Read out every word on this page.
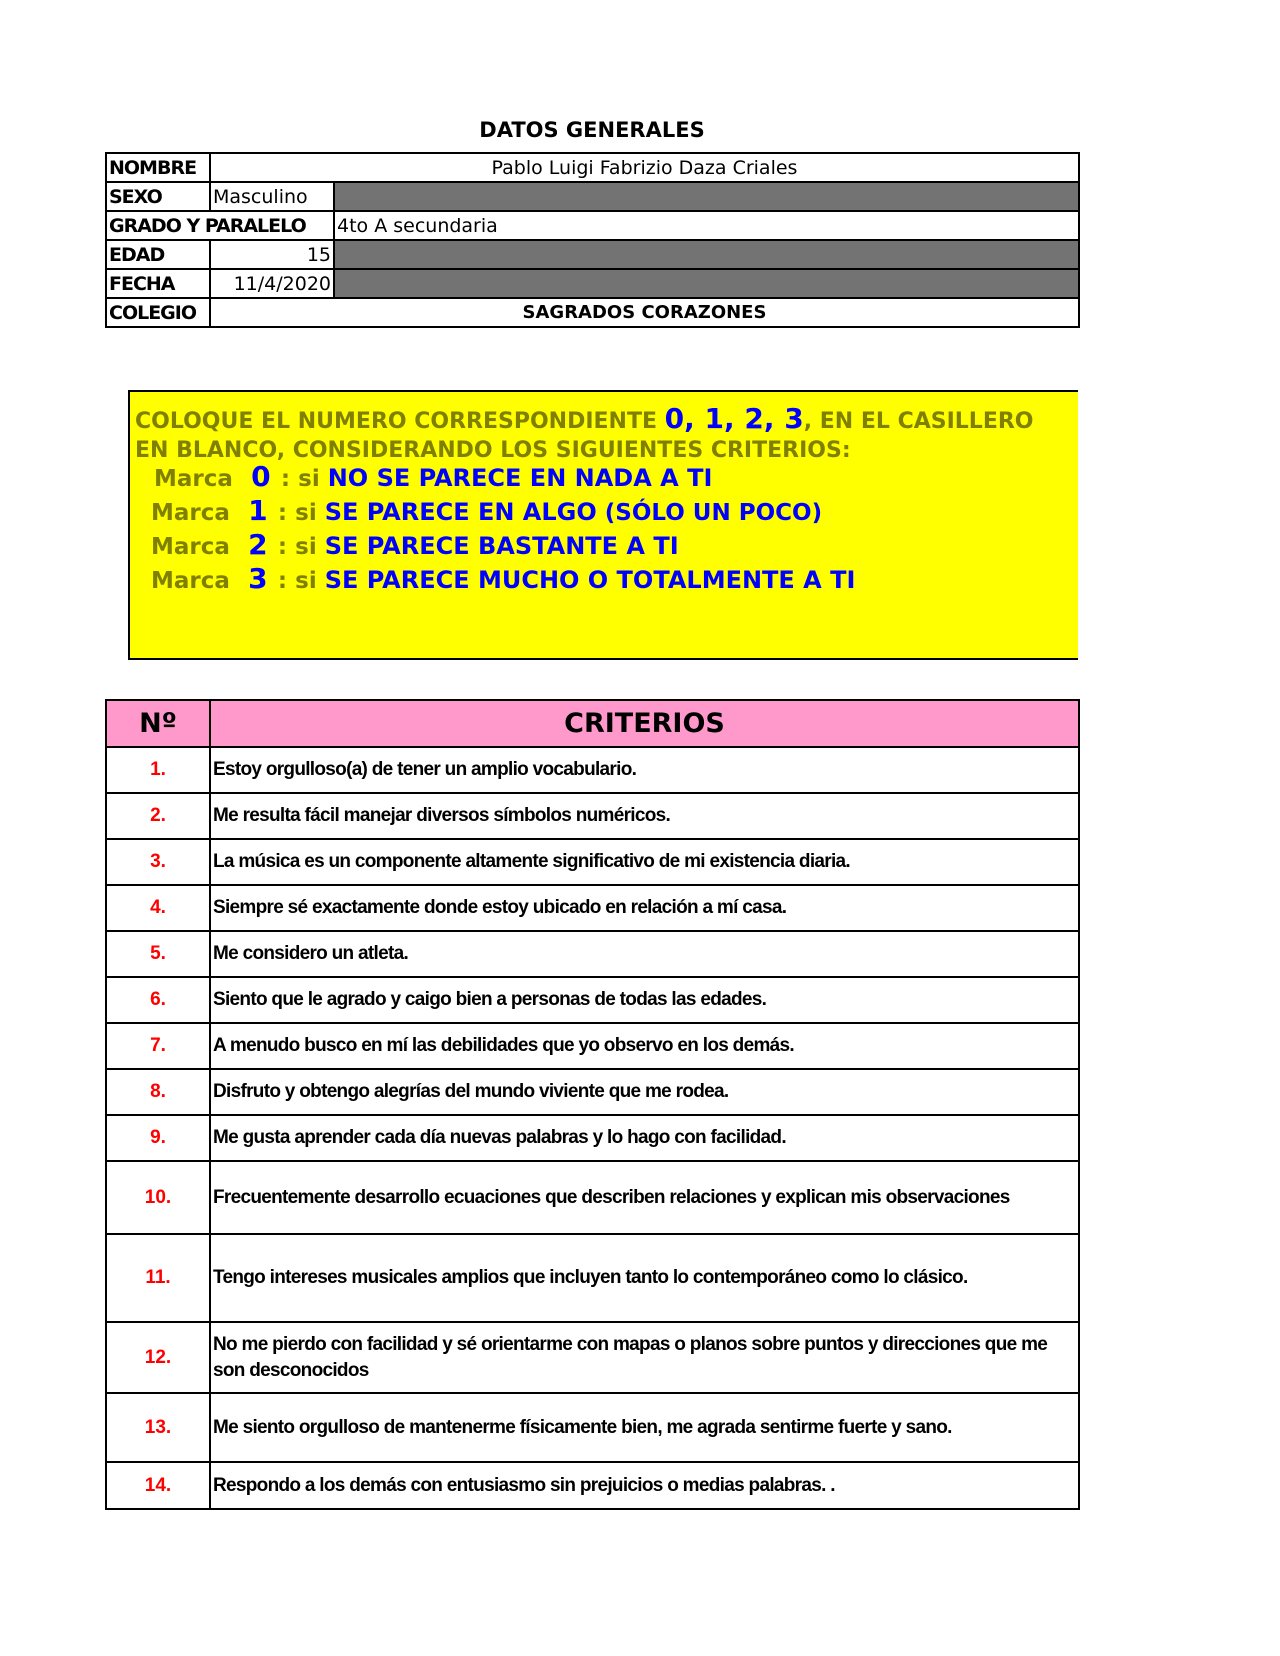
DATOS GENERALES
NOMBRE	Pablo Luigi Fabrizio Daza Criales	
SEXO	Masculino	
GRADO Y PARALELO		4to A secundaria
EDAD	15	
FECHA	11/4/2020	
COLEGIO	SAGRADOS CORAZONES	
COLOQUE EL NUMERO CORRESPONDIENTE 0, 1, 2, 3, EN EL CASILLERO
EN BLANCO, CONSIDERANDO LOS SIGUIENTES CRITERIOS:
Marca 0 : si NO SE PARECE EN NADA A TI
Marca 1 : si SE PARECE EN ALGO (SÓLO UN POCO)
Marca 2 : si SE PARECE BASTANTE A TI
Marca 3 : si SE PARECE MUCHO O TOTALMENTE A TI
Nº	CRITERIOS
1.	Estoy orgulloso(a) de tener un amplio vocabulario.
2.	Me resulta fácil manejar diversos símbolos numéricos.
3.	La música es un componente altamente significativo de mi existencia diaria.
4.	Siempre sé exactamente donde estoy ubicado en relación a mí casa.
5.	Me considero un atleta.
6.	Siento que le agrado y caigo bien a personas de todas las edades.
7.	A menudo busco en mí las debilidades que yo observo en los demás.
8.	Disfruto y obtengo alegrías del mundo viviente que me rodea.
9.	Me gusta aprender cada día nuevas palabras y lo hago con facilidad.
10.	Frecuentemente desarrollo ecuaciones que describen relaciones y explican mis observaciones
11.	Tengo intereses musicales amplios que incluyen tanto lo contemporáneo como lo clásico.
12.	No me pierdo con facilidad y sé orientarme con mapas o planos sobre puntos y direcciones que me son desconocidos
13.	Me siento orgulloso de mantenerme físicamente bien, me agrada sentirme fuerte y sano.
14.	Respondo a los demás con entusiasmo sin prejuicios o medias palabras. .
